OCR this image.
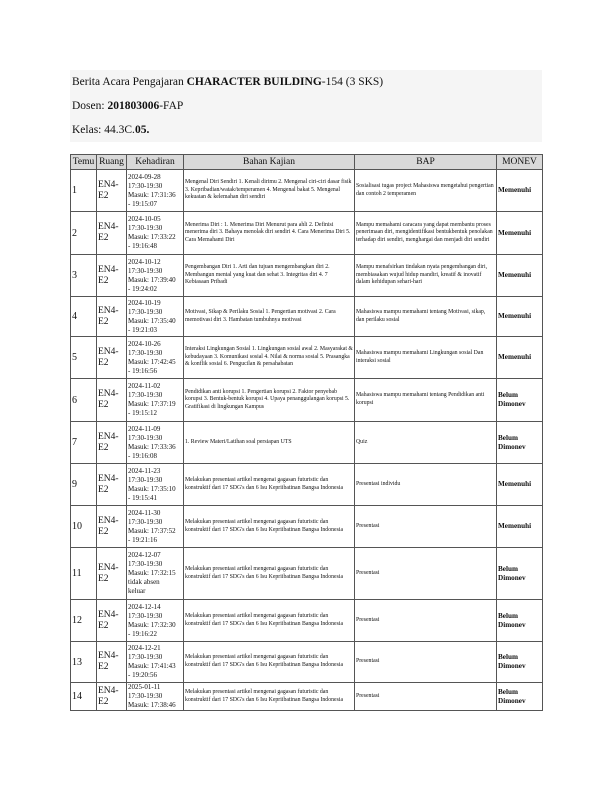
Berita Acara Pengajaran CHARACTER BUILDING-154 (3 SKS)
Dosen: 201803006-FAP
Kelas: 44.3C.05.
Temu	Ruang	Kehadiran	Bahan Kajian	BAP	MONEV
1	EN4-E2	2024-09-28
17:30-19:30
Masuk: 17:31:36
- 19:15:07	Mengenal Diri Sendiri 1. Kenali dirimu 2. Mengenal ciri-ciri dasar fisik 3. Kepribadian/watak/temperamen 4. Mengenal bakat 5. Mengenal kekuatan & kelemahan diri sendiri	Sosialisasi tugas project Mahasiswa mengetahui pengertian dan contoh 2 temperamen	Memenuhi
2	EN4-E2	2024-10-05
17:30-19:30
Masuk: 17:33:22
- 19:16:48	Menerima Diri : 1. Menerima Diri Menurut para ahli 2. Definisi menerima diri 3. Bahaya menolak diri sendiri 4. Cara Menerima Diri 5. Cara Memahami Diri	Mampu memahami caracara yang dapat membantu proses penerimaan diri, mengidentifikasi bentukbentuk penolakan terhadap diri sendiri, menghargai dan menjadi diri sendiri	Memenuhi
3	EN4-E2	2024-10-12
17:30-19:30
Masuk: 17:39:40
- 19:24:02	Pengembangan Diri 1. Arti dan tujuan mengembangkan diri 2. Membangun mental yang kuat dan sehat 3. Integritas diri 4. 7 Kebiasaan Pribadi	Mampu menafsirkan tindakan nyata pengembangan diri, membiasakan wujud hidup mandiri, kreatif & inovatif dalam kehidupan sehari-hari	Memenuhi
4	EN4-E2	2024-10-19
17:30-19:30
Masuk: 17:35:40
- 19:21:03	Motivasi, Sikap & Perilaku Sosial 1. Pengertian motivasi 2. Cara memotivasi diri 3. Hambatan tumbuhnya motivasi	Mahasiswa mampu memahami tentang Motivasi, sikap, dan perilaku sosial	Memenuhi
5	EN4-E2	2024-10-26
17:30-19:30
Masuk: 17:42:45
- 19:16:56	Interaksi Lingkungan Sosial 1. Lingkungan sosial awal 2. Masyarakat & kebudayaan 3. Komunikasi sosial 4. Nilai & norma sosial 5. Prasangka & konflik sosial 6. Pengucilan & persahabatan	Mahasiswa mampu memahami Lingkungan sosial Dan interaksi sosial	Memenuhi
6	EN4-E2	2024-11-02
17:30-19:30
Masuk: 17:37:19
- 19:15:12	Pendidikan anti korupsi 1. Pengertian korupsi 2. Faktor penyebab korupsi 3. Bentuk-bentuk korupsi 4. Upaya penanggulangan korupsi 5. Gratifikasi di lingkungan Kampus	Mahasiswa mampu memahami tentang Pendidikan anti korupsi	Belum Dimonev
7	EN4-E2	2024-11-09
17:30-19:30
Masuk: 17:33:36
- 19:16:08	1. Review Materi/Latihan soal persiapan UTS	Quiz	Belum Dimonev
9	EN4-E2	2024-11-23
17:30-19:30
Masuk: 17:35:10
- 19:15:41	Melakukan presentasi artikel mengenai gagasan futuristic dan konstruktif dari 17 SDG's dan 6 Isu Kepriibatinan Bangsa Indonesia	Presentasi individu	Memenuhi
10	EN4-E2	2024-11-30
17:30-19:30
Masuk: 17:37:52
- 19:21:16	Melakukan presentasi artikel mengenai gagasan futuristic dan konstruktif dari 17 SDG's dan 6 Isu Kepriibatinan Bangsa Indonesia	Presentasi	Memenuhi
11	EN4-E2	2024-12-07
17:30-19:30
Masuk: 17:32:15
tidak absen
keluar	Melakukan presentasi artikel mengenai gagasan futuristic dan konstruktif dari 17 SDG's dan 6 Isu Kepriibatinan Bangsa Indonesia	Presentasi	Belum Dimonev
12	EN4-E2	2024-12-14
17:30-19:30
Masuk: 17:32:30
- 19:16:22	Melakukan presentasi artikel mengenai gagasan futuristic dan konstruktif dari 17 SDG's dan 6 Isu Kepriibatinan Bangsa Indonesia	Presentasi	Belum Dimonev
13	EN4-E2	2024-12-21
17:30-19:30
Masuk: 17:41:43
- 19:20:56	Melakukan presentasi artikel mengenai gagasan futuristic dan konstruktif dari 17 SDG's dan 6 Isu Kepriibatinan Bangsa Indonesia	Presentasi	Belum Dimonev
14	EN4-E2	2025-01-11
17:30-19:30
Masuk: 17:38:46	Melakukan presentasi artikel mengenai gagasan futuristic dan konstruktif dari 17 SDG's dan 6 Isu Kepriibatinan Bangsa Indonesia	Presentasi	Belum Dimonev
